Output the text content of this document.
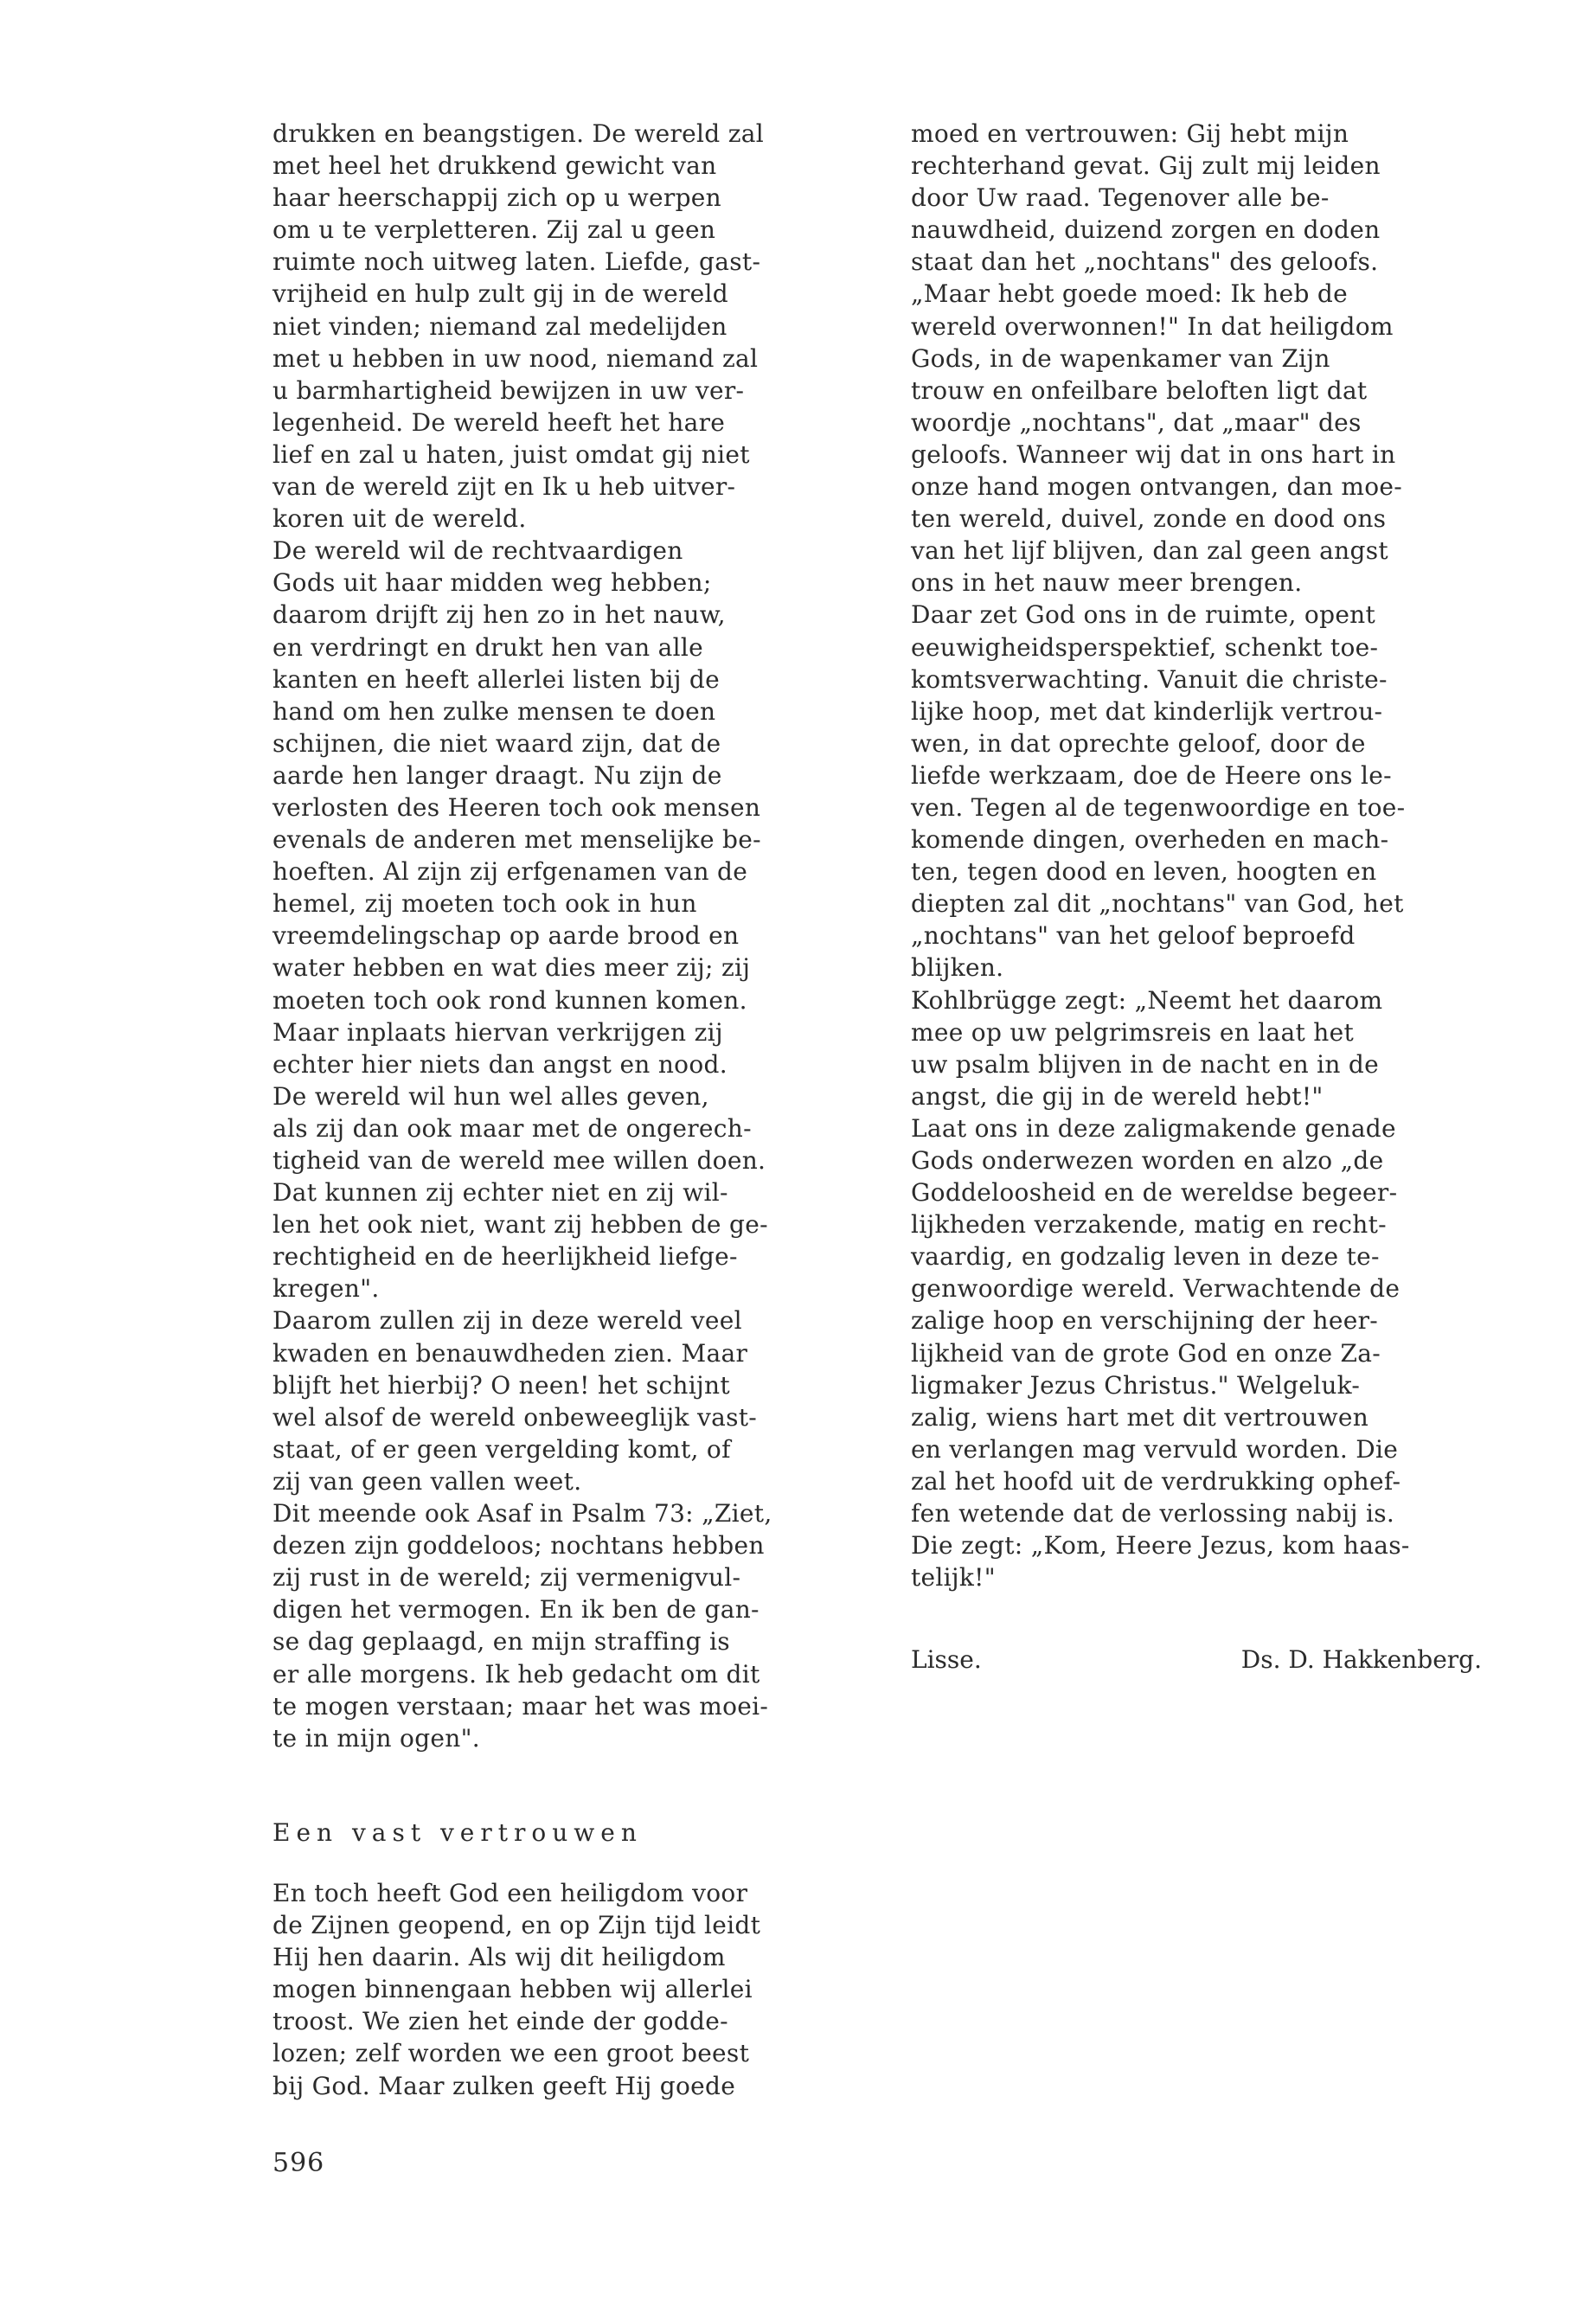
drukken en beangstigen. De wereld zal

met heel het drukkend gewicht van

haar heerschappij zich op u werpen

om u te verpletteren. Zij zal u geen

ruimte noch uitweg laten. Liefde, gast-

vrijheid en hulp zult gij in de wereld

niet vinden; niemand zal medelijden

met u hebben in uw nood, niemand zal

u barmhartigheid bewijzen in uw ver-

legenheid. De wereld heeft het hare

lief en zal u haten, juist omdat gij niet

van de wereld zijt en Ik u heb uitver-

koren uit de wereld.

De wereld wil de rechtvaardigen

Gods uit haar midden weg hebben;

daarom drijft zij hen zo in het nauw,

en verdringt en drukt hen van alle

kanten en heeft allerlei listen bij de

hand om hen zulke mensen te doen

schijnen, die niet waard zijn, dat de

aarde hen langer draagt. Nu zijn de

verlosten des Heeren toch ook mensen

evenals de anderen met menselijke be-

hoeften. Al zijn zij erfgenamen van de

hemel, zij moeten toch ook in hun

vreemdelingschap op aarde brood en

water hebben en wat dies meer zij; zij

moeten toch ook rond kunnen komen.

Maar inplaats hiervan verkrijgen zij

echter hier niets dan angst en nood.

De wereld wil hun wel alles geven,

als zij dan ook maar met de ongerech-

tigheid van de wereld mee willen doen.

Dat kunnen zij echter niet en zij wil-

len het ook niet, want zij hebben de ge-

rechtigheid en de heerlijkheid liefge-

kregen".

Daarom zullen zij in deze wereld veel

kwaden en benauwdheden zien. Maar

blijft het hierbij? O neen! het schijnt

wel alsof de wereld onbeweeglijk vast-

staat, of er geen vergelding komt, of

zij van geen vallen weet.

Dit meende ook Asaf in Psalm 73: „Ziet,

dezen zijn goddeloos; nochtans hebben

zij rust in de wereld; zij vermenigvul-

digen het vermogen. En ik ben de gan-

se dag geplaagd, en mijn straffing is

er alle morgens. Ik heb gedacht om dit

te mogen verstaan; maar het was moei-

te in mijn ogen".

Een vast vertrouwen

En toch heeft God een heiligdom voor

de Zijnen geopend, en op Zijn tijd leidt

Hij hen daarin. Als wij dit heiligdom

mogen binnengaan hebben wij allerlei

troost. We zien het einde der godde-

lozen; zelf worden we een groot beest

bij God. Maar zulken geeft Hij goede

moed en vertrouwen: Gij hebt mijn

rechterhand gevat. Gij zult mij leiden

door Uw raad. Tegenover alle be-

nauwdheid, duizend zorgen en doden

staat dan het „nochtans" des geloofs.

„Maar hebt goede moed: Ik heb de

wereld overwonnen!" In dat heiligdom

Gods, in de wapenkamer van Zijn

trouw en onfeilbare beloften ligt dat

woordje „nochtans", dat „maar" des

geloofs. Wanneer wij dat in ons hart in

onze hand mogen ontvangen, dan moe-

ten wereld, duivel, zonde en dood ons

van het lijf blijven, dan zal geen angst

ons in het nauw meer brengen.

Daar zet God ons in de ruimte, opent

eeuwigheidsperspektief, schenkt toe-

komtsverwachting. Vanuit die christe-

lijke hoop, met dat kinderlijk vertrou-

wen, in dat oprechte geloof, door de

liefde werkzaam, doe de Heere ons le-

ven. Tegen al de tegenwoordige en toe-

komende dingen, overheden en mach-

ten, tegen dood en leven, hoogten en

diepten zal dit „nochtans" van God, het

„nochtans" van het geloof beproefd

blijken.

Kohlbrügge zegt: „Neemt het daarom

mee op uw pelgrimsreis en laat het

uw psalm blijven in de nacht en in de

angst, die gij in de wereld hebt!"

Laat ons in deze zaligmakende genade

Gods onderwezen worden en alzo „de

Goddeloosheid en de wereldse begeer-

lijkheden verzakende, matig en recht-

vaardig, en godzalig leven in deze te-

genwoordige wereld. Verwachtende de

zalige hoop en verschijning der heer-

lijkheid van de grote God en onze Za-

ligmaker Jezus Christus." Welgeluk-

zalig, wiens hart met dit vertrouwen

en verlangen mag vervuld worden. Die

zal het hoofd uit de verdrukking ophef-

fen wetende dat de verlossing nabij is.

Die zegt: „Kom, Heere Jezus, kom haas-

telijk!"

Lisse.	Ds. D. Hakkenberg.
596
